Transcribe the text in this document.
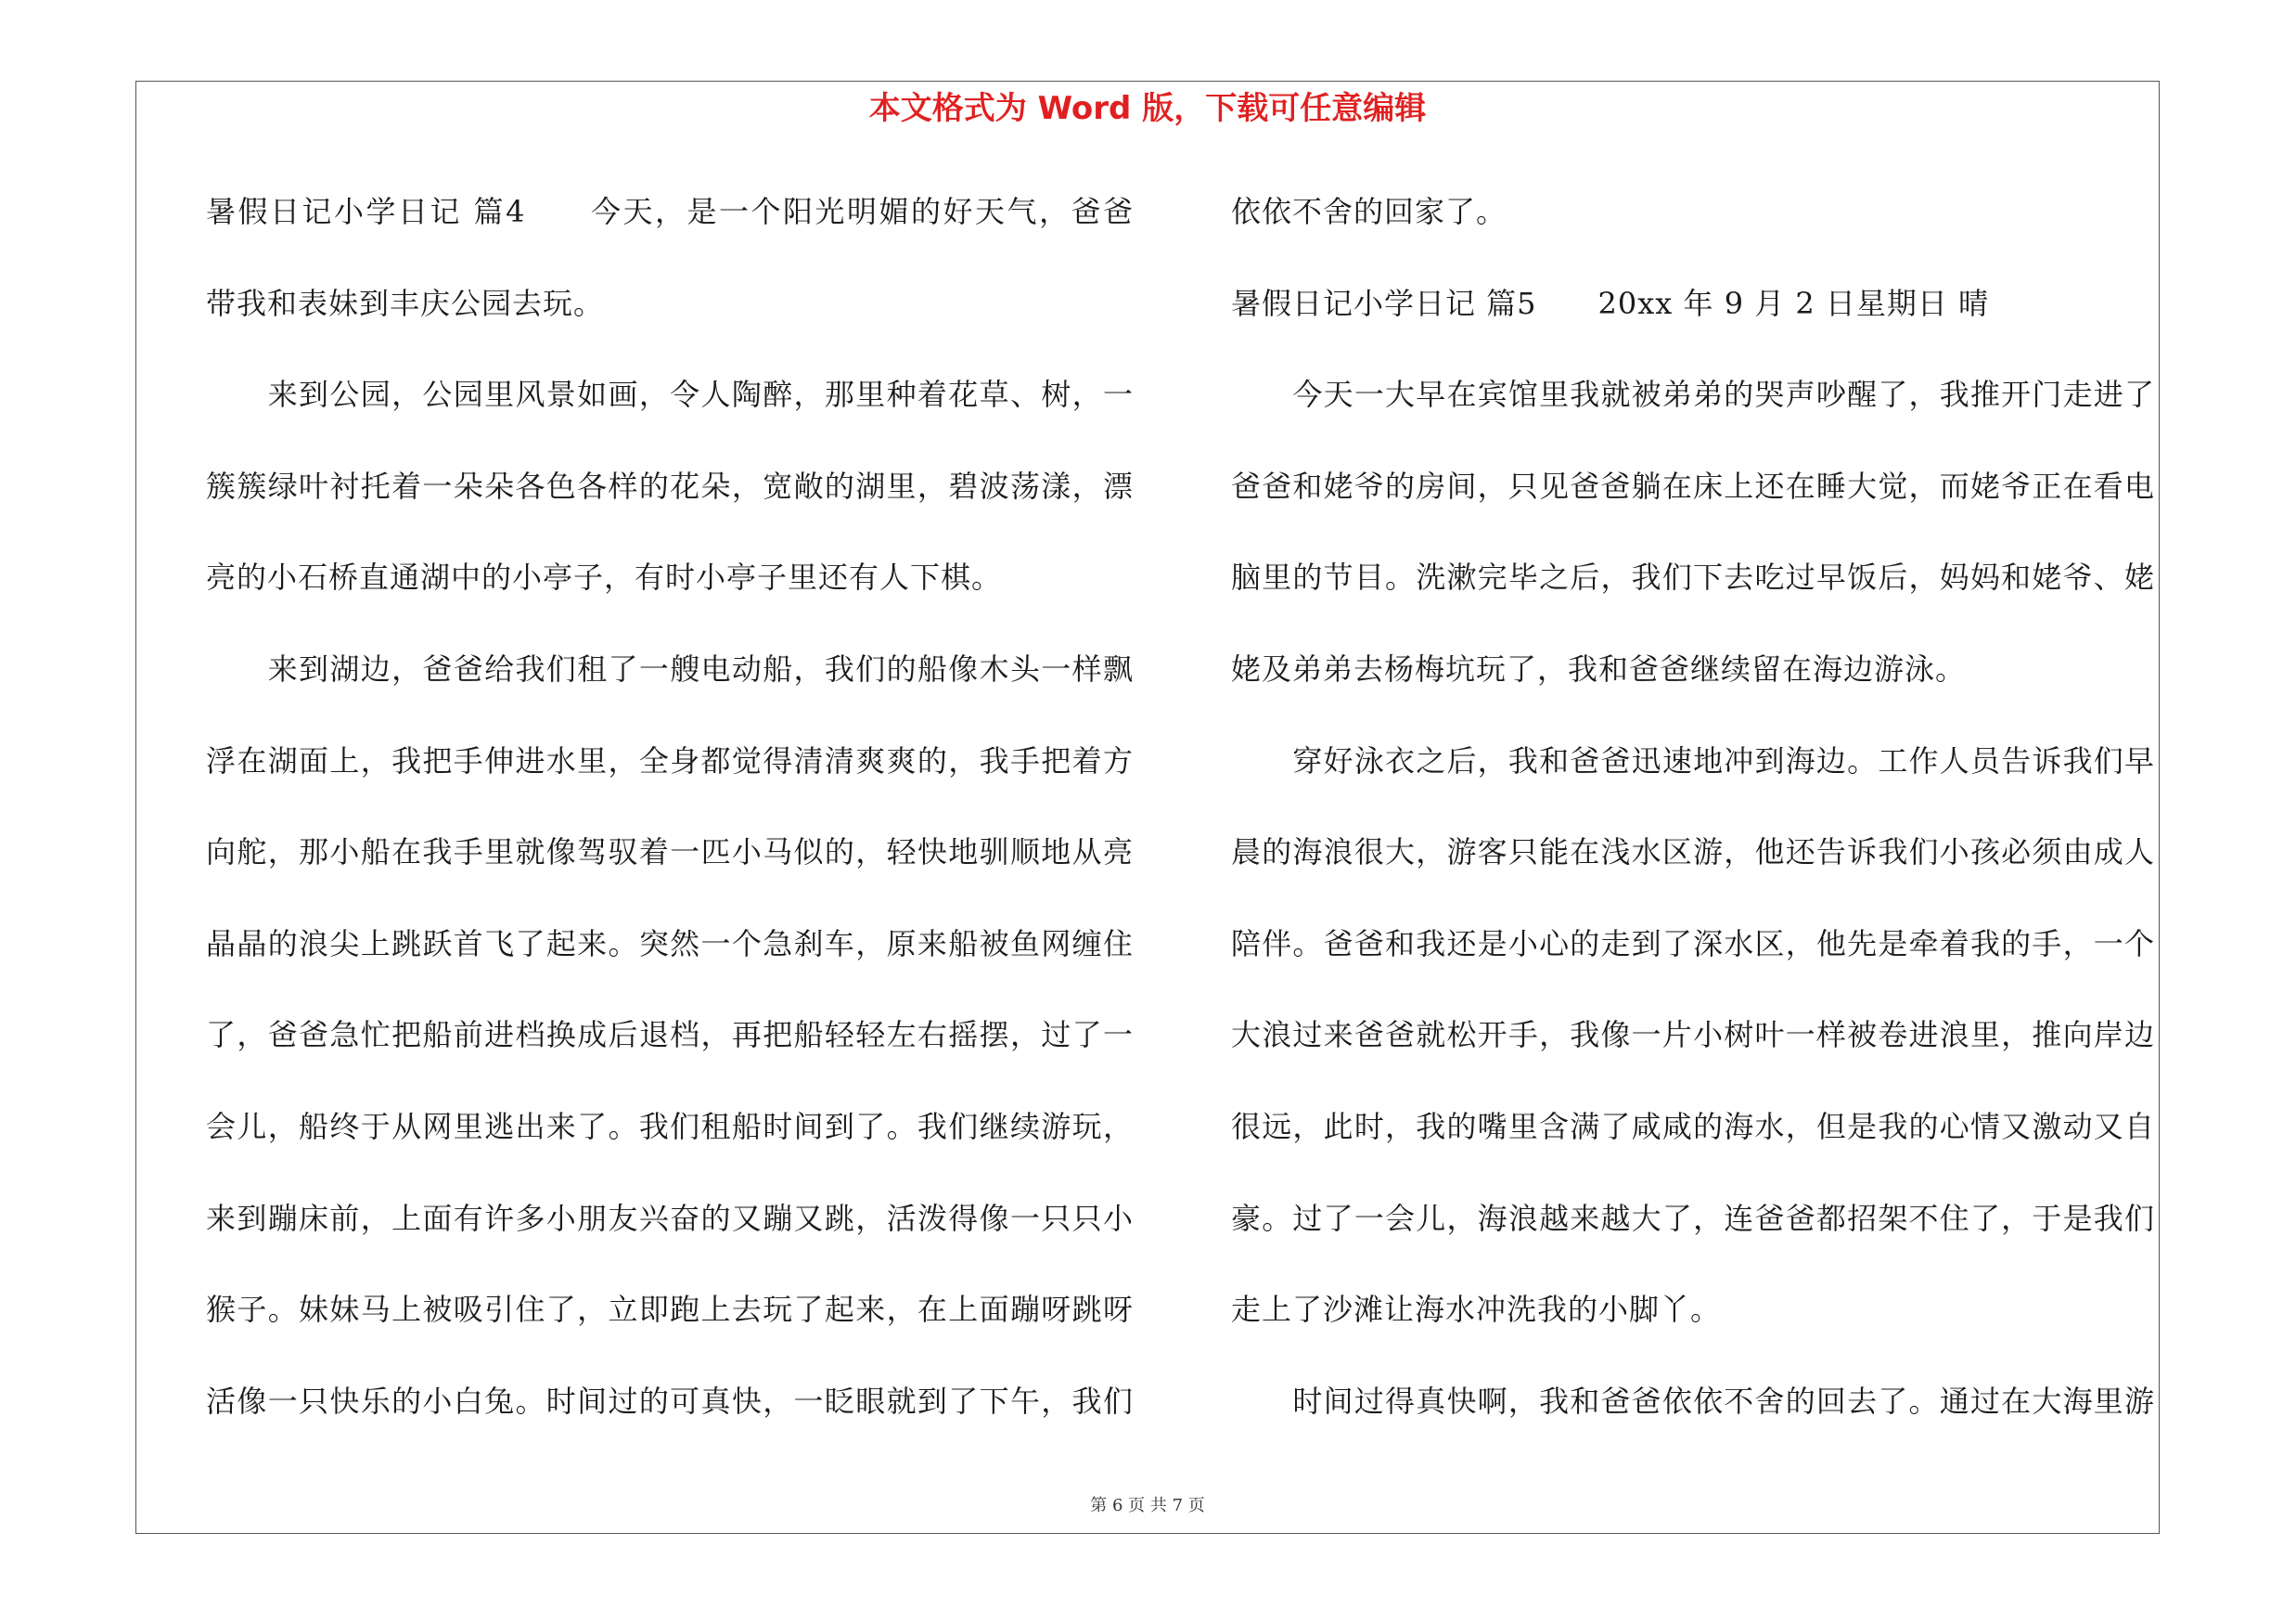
本文格式为 Word 版，下载可任意编辑
暑假日记小学日记 篇4　　今天，是一个阳光明媚的好天气，爸爸
带我和表妹到丰庆公园去玩。
　　来到公园，公园里风景如画，令人陶醉，那里种着花草、树，一
簇簇绿叶衬托着一朵朵各色各样的花朵，宽敞的湖里，碧波荡漾，漂
亮的小石桥直通湖中的小亭子，有时小亭子里还有人下棋。
　　来到湖边，爸爸给我们租了一艘电动船，我们的船像木头一样飘
浮在湖面上，我把手伸进水里，全身都觉得清清爽爽的，我手把着方
向舵，那小船在我手里就像驾驭着一匹小马似的，轻快地驯顺地从亮
晶晶的浪尖上跳跃首飞了起来。突然一个急刹车，原来船被鱼网缠住
了，爸爸急忙把船前进档换成后退档，再把船轻轻左右摇摆，过了一
会儿，船终于从网里逃出来了。我们租船时间到了。我们继续游玩，
来到蹦床前，上面有许多小朋友兴奋的又蹦又跳，活泼得像一只只小
猴子。妹妹马上被吸引住了，立即跑上去玩了起来，在上面蹦呀跳呀
活像一只快乐的小白兔。时间过的可真快，一眨眼就到了下午，我们
依依不舍的回家了。
暑假日记小学日记 篇5　　20xx 年 9 月 2 日星期日 晴
　　今天一大早在宾馆里我就被弟弟的哭声吵醒了，我推开门走进了
爸爸和姥爷的房间，只见爸爸躺在床上还在睡大觉，而姥爷正在看电
脑里的节目。洗漱完毕之后，我们下去吃过早饭后，妈妈和姥爷、姥
姥及弟弟去杨梅坑玩了，我和爸爸继续留在海边游泳。
　　穿好泳衣之后，我和爸爸迅速地冲到海边。工作人员告诉我们早
晨的海浪很大，游客只能在浅水区游，他还告诉我们小孩必须由成人
陪伴。爸爸和我还是小心的走到了深水区，他先是牵着我的手，一个
大浪过来爸爸就松开手，我像一片小树叶一样被卷进浪里，推向岸边
很远，此时，我的嘴里含满了咸咸的海水，但是我的心情又激动又自
豪。过了一会儿，海浪越来越大了，连爸爸都招架不住了，于是我们
走上了沙滩让海水冲洗我的小脚丫。
　　时间过得真快啊，我和爸爸依依不舍的回去了。通过在大海里游
第 6 页 共 7 页
